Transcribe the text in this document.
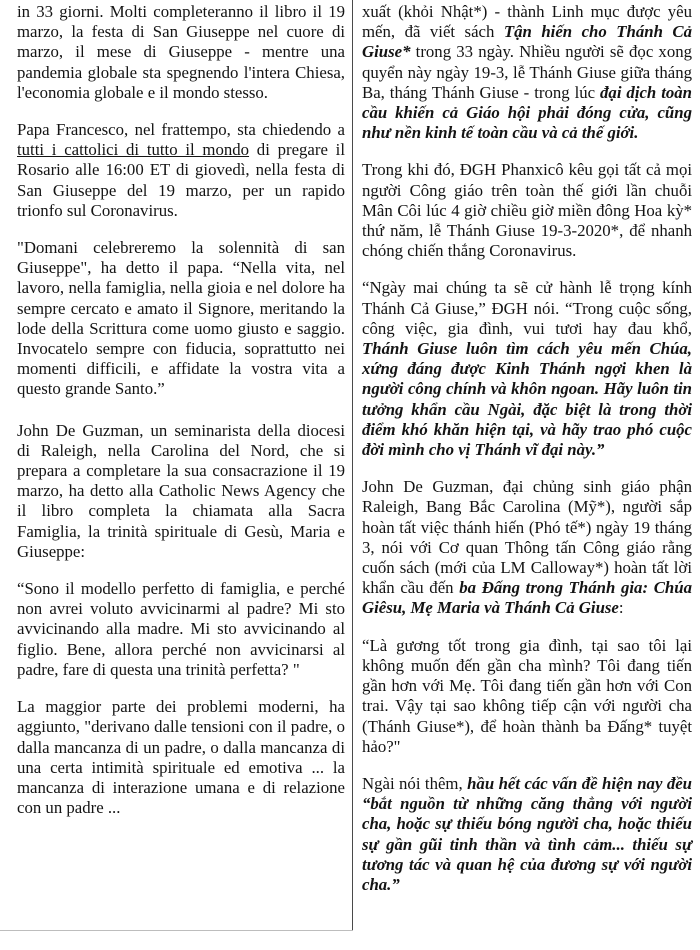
in 33 giorni. Molti completeranno il libro il 19 marzo, la festa di San Giuseppe nel cuore di marzo, il mese di Giuseppe - mentre una pandemia globale sta spegnendo l'intera Chiesa, l'economia globale e il mondo stesso.

Papa Francesco, nel frattempo, sta chiedendo a tutti i cattolici di tutto il mondo di pregare il Rosario alle 16:00 ET di giovedì, nella festa di San Giuseppe del 19 marzo, per un rapido trionfo sul Coronavirus.

"Domani celebreremo la solennità di san Giuseppe", ha detto il papa. “Nella vita, nel lavoro, nella famiglia, nella gioia e nel dolore ha sempre cercato e amato il Signore, meritando la lode della Scrittura come uomo giusto e saggio. Invocatelo sempre con fiducia, soprattutto nei momenti difficili, e affidate la vostra vita a questo grande Santo.”

John De Guzman, un seminarista della diocesi di Raleigh, nella Carolina del Nord, che si prepara a completare la sua consacrazione il 19 marzo, ha detto alla Catholic News Agency che il libro completa la chiamata alla Sacra Famiglia, la trinità spirituale di Gesù, Maria e Giuseppe:

“Sono il modello perfetto di famiglia, e perché non avrei voluto avvicinarmi al padre? Mi sto avvicinando alla madre. Mi sto avvicinando al figlio. Bene, allora perché non avvicinarsi al padre, fare di questa una trinità perfetta? "

La maggior parte dei problemi moderni, ha aggiunto, "derivano dalle tensioni con il padre, o dalla mancanza di un padre, o dalla mancanza di una certa intimità spirituale ed emotiva ... la mancanza di interazione umana e di relazione con un padre ...

xuất (khỏi Nhật*) - thành Linh mục được yêu mến, đã viết sách Tận hiến cho Thánh Cả Giuse* trong 33 ngày. Nhiều người sẽ đọc xong quyển này ngày 19-3, lễ Thánh Giuse giữa tháng Ba, tháng Thánh Giuse - trong lúc đại dịch toàn cầu khiến cả Giáo hội phải đóng cửa, cũng như nền kinh tế toàn cầu và cả thế giới.

Trong khi đó, ĐGH Phanxicô kêu gọi tất cả mọi người Công giáo trên toàn thế giới lần chuỗi Mân Côi lúc 4 giờ chiều giờ miền đông Hoa kỳ* thứ năm, lễ Thánh Giuse 19-3-2020*, để nhanh chóng chiến thắng Coronavirus.

“Ngày mai chúng ta sẽ cử hành lễ trọng kính Thánh Cả Giuse,” ĐGH nói. “Trong cuộc sống, công việc, gia đình, vui tươi hay đau khổ, Thánh Giuse luôn tìm cách yêu mến Chúa, xứng đáng được Kinh Thánh ngợi khen là người công chính và khôn ngoan. Hãy luôn tin tưởng khẩn cầu Ngài, đặc biệt là trong thời điểm khó khăn hiện tại, và hãy trao phó cuộc đời mình cho vị Thánh vĩ đại này.”

John De Guzman, đại chủng sinh giáo phận Raleigh, Bang Bắc Carolina (Mỹ*), người sắp hoàn tất việc thánh hiến (Phó tế*) ngày 19 tháng 3, nói với Cơ quan Thông tấn Công giáo rằng cuốn sách (mới của LM Calloway*) hoàn tất lời khẩn cầu đến ba Đấng trong Thánh gia: Chúa Giêsu, Mẹ Maria và Thánh Cả Giuse:

“Là gương tốt trong gia đình, tại sao tôi lại không muốn đến gần cha mình? Tôi đang tiến gần hơn với Mẹ. Tôi đang tiến gần hơn với Con trai. Vậy tại sao không tiếp cận với người cha (Thánh Giuse*), để hoàn thành ba Đấng* tuyệt hảo?"

Ngài nói thêm, hầu hết các vấn đề hiện nay đều “bắt nguồn từ những căng thẳng với người cha, hoặc sự thiếu bóng người cha, hoặc thiếu sự gần gũi tinh thần và tình cảm... thiếu sự tương tác và quan hệ của đương sự với người cha.”
